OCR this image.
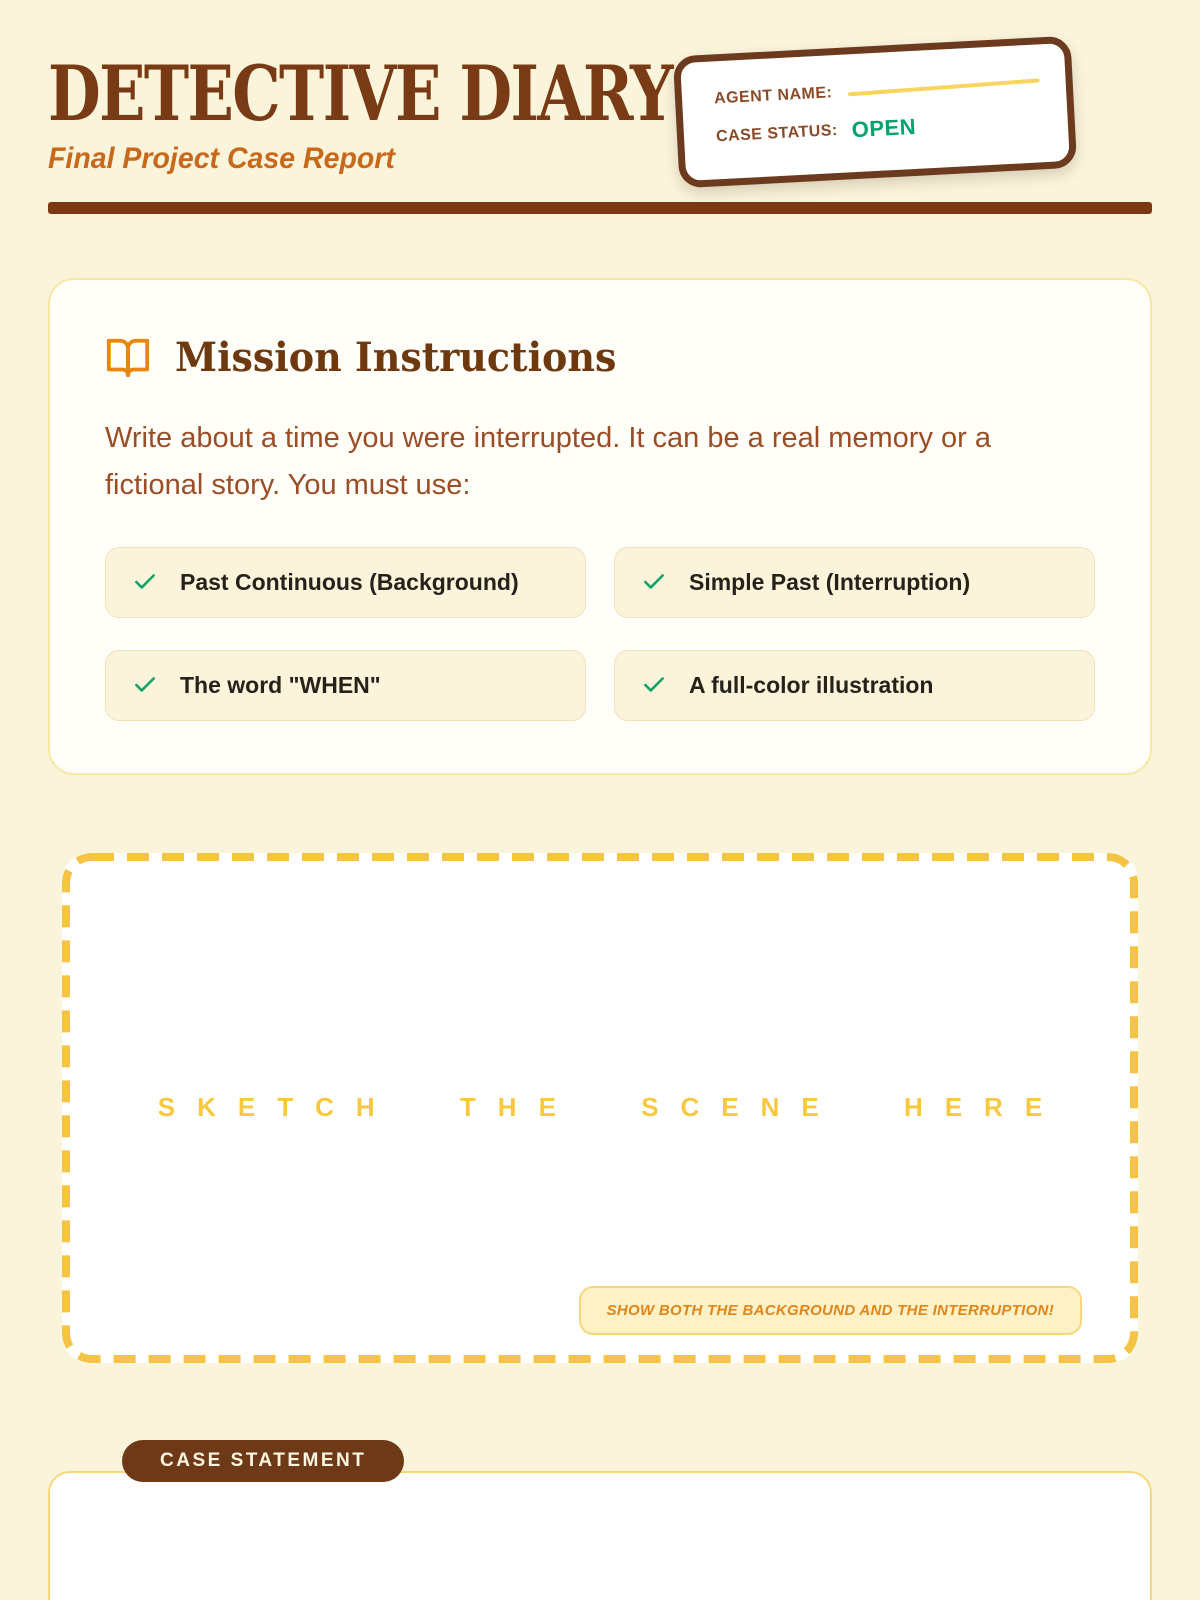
DETECTIVE DIARY
Final Project Case Report
AGENT NAME:
CASE STATUS: OPEN
Mission Instructions

Write about a time you were interrupted. It can be a real memory or a fictional story. You must use:

Past Continuous (Background)	Simple Past (Interruption)
The word "WHEN"	A full-color illustration
SKETCH THE SCENE HERE
SHOW BOTH THE BACKGROUND AND THE INTERRUPTION!
CASE STATEMENT
